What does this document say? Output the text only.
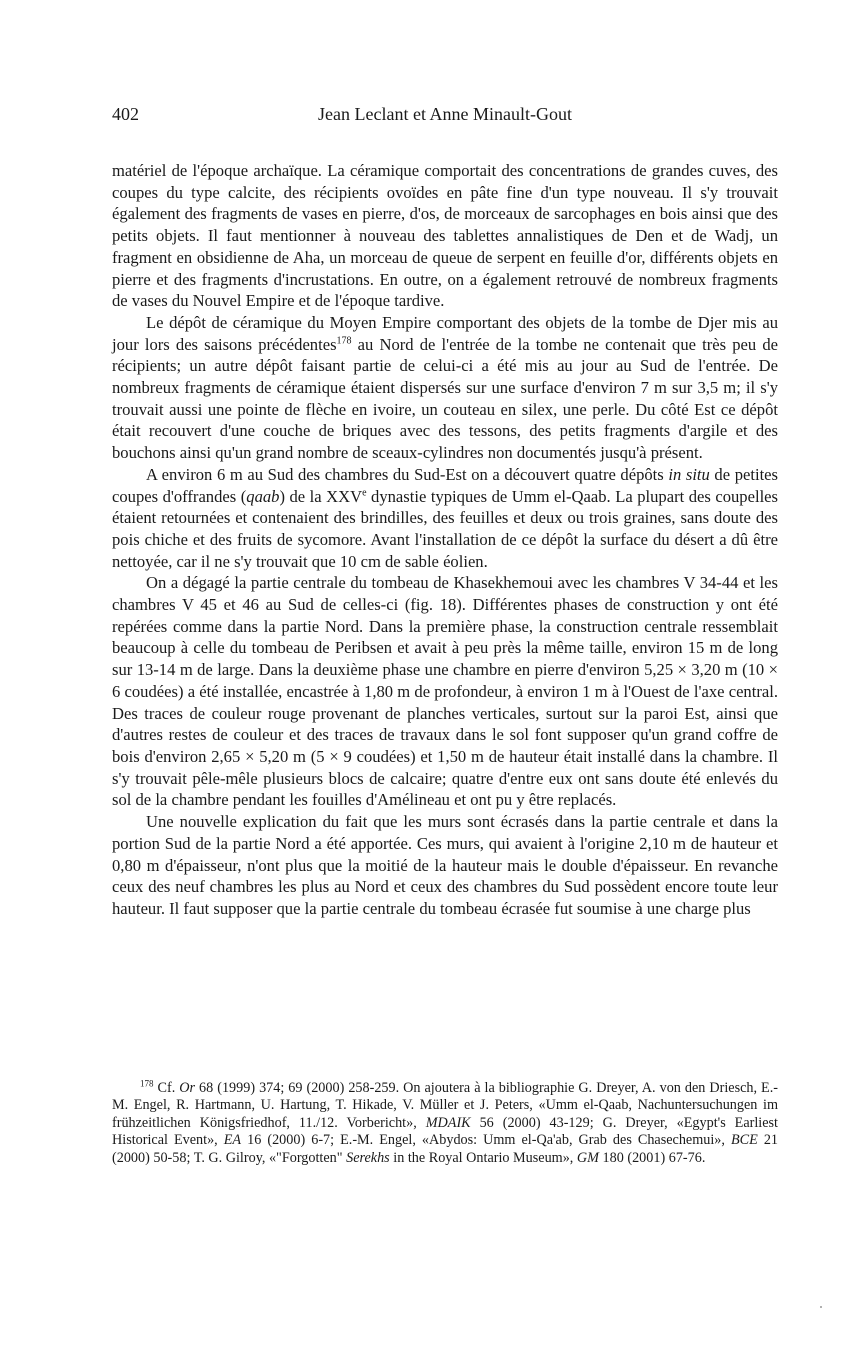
402	Jean Leclant et Anne Minault-Gout

matériel de l'époque archaïque. La céramique comportait des concentrations de grandes cuves, des coupes du type calcite, des récipients ovoïdes en pâte fine d'un type nouveau. Il s'y trouvait également des fragments de vases en pierre, d'os, de morceaux de sarcophages en bois ainsi que des petits objets. Il faut mentionner à nouveau des tablettes annalistiques de Den et de Wadj, un fragment en obsidienne de Aha, un morceau de queue de serpent en feuille d'or, différents objets en pierre et des fragments d'incrustations. En outre, on a également retrouvé de nombreux fragments de vases du Nouvel Empire et de l'époque tardive.

Le dépôt de céramique du Moyen Empire comportant des objets de la tombe de Djer mis au jour lors des saisons précédentes$^{178}$ au Nord de l'entrée de la tombe ne contenait que très peu de récipients; un autre dépôt faisant partie de celui-ci a été mis au jour au Sud de l'entrée. De nombreux fragments de céramique étaient dispersés sur une surface d'environ 7 m sur 3,5 m; il s'y trouvait aussi une pointe de flèche en ivoire, un couteau en silex, une perle. Du côté Est ce dépôt était recouvert d'une couche de briques avec des tessons, des petits fragments d'argile et des bouchons ainsi qu'un grand nombre de sceaux-cylindres non documentés jusqu'à présent.

A environ 6 m au Sud des chambres du Sud-Est on a découvert quatre dépôts in situ de petites coupes d'offrandes (qaab) de la XXVe dynastie typiques de Umm el-Qaab. La plupart des coupelles étaient retournées et contenaient des brindilles, des feuilles et deux ou trois graines, sans doute des pois chiche et des fruits de sycomore. Avant l'installation de ce dépôt la surface du désert a dû être nettoyée, car il ne s'y trouvait que 10 cm de sable éolien.

On a dégagé la partie centrale du tombeau de Khasekhemoui avec les chambres V 34-44 et les chambres V 45 et 46 au Sud de celles-ci (fig. 18). Différentes phases de construction y ont été repérées comme dans la partie Nord. Dans la première phase, la construction centrale ressemblait beaucoup à celle du tombeau de Peribsen et avait à peu près la même taille, environ 15 m de long sur 13-14 m de large. Dans la deuxième phase une chambre en pierre d'environ 5,25 × 3,20 m (10 × 6 coudées) a été installée, encastrée à 1,80 m de profondeur, à environ 1 m à l'Ouest de l'axe central. Des traces de couleur rouge provenant de planches verticales, surtout sur la paroi Est, ainsi que d'autres restes de couleur et des traces de travaux dans le sol font supposer qu'un grand coffre de bois d'environ 2,65 × 5,20 m (5 × 9 coudées) et 1,50 m de hauteur était installé dans la chambre. Il s'y trouvait pêle-mêle plusieurs blocs de calcaire; quatre d'entre eux ont sans doute été enlevés du sol de la chambre pendant les fouilles d'Amélineau et ont pu y être replacés.

Une nouvelle explication du fait que les murs sont écrasés dans la partie centrale et dans la portion Sud de la partie Nord a été apportée. Ces murs, qui avaient à l'origine 2,10 m de hauteur et 0,80 m d'épaisseur, n'ont plus que la moitié de la hauteur mais le double d'épaisseur. En revanche ceux des neuf chambres les plus au Nord et ceux des chambres du Sud possèdent encore toute leur hauteur. Il faut supposer que la partie centrale du tombeau écrasée fut soumise à une charge plus

$^{178}$ Cf. Or 68 (1999) 374; 69 (2000) 258-259. On ajoutera à la bibliographie G. Dreyer, A. von den Driesch, E.-M. Engel, R. Hartmann, U. Hartung, T. Hikade, V. Müller et J. Peters, «Umm el-Qaab, Nachuntersuchungen im frühzeitlichen Königsfriedhof, 11./12. Vorbericht», MDAIK 56 (2000) 43-129; G. Dreyer, «Egypt's Earliest Historical Event», EA 16 (2000) 6-7; E.-M. Engel, «Abydos: Umm el-Qa'ab, Grab des Chasechemui», BCE 21 (2000) 50-58; T. G. Gilroy, «"Forgotten" Serekhs in the Royal Ontario Museum», GM 180 (2001) 67-76.
